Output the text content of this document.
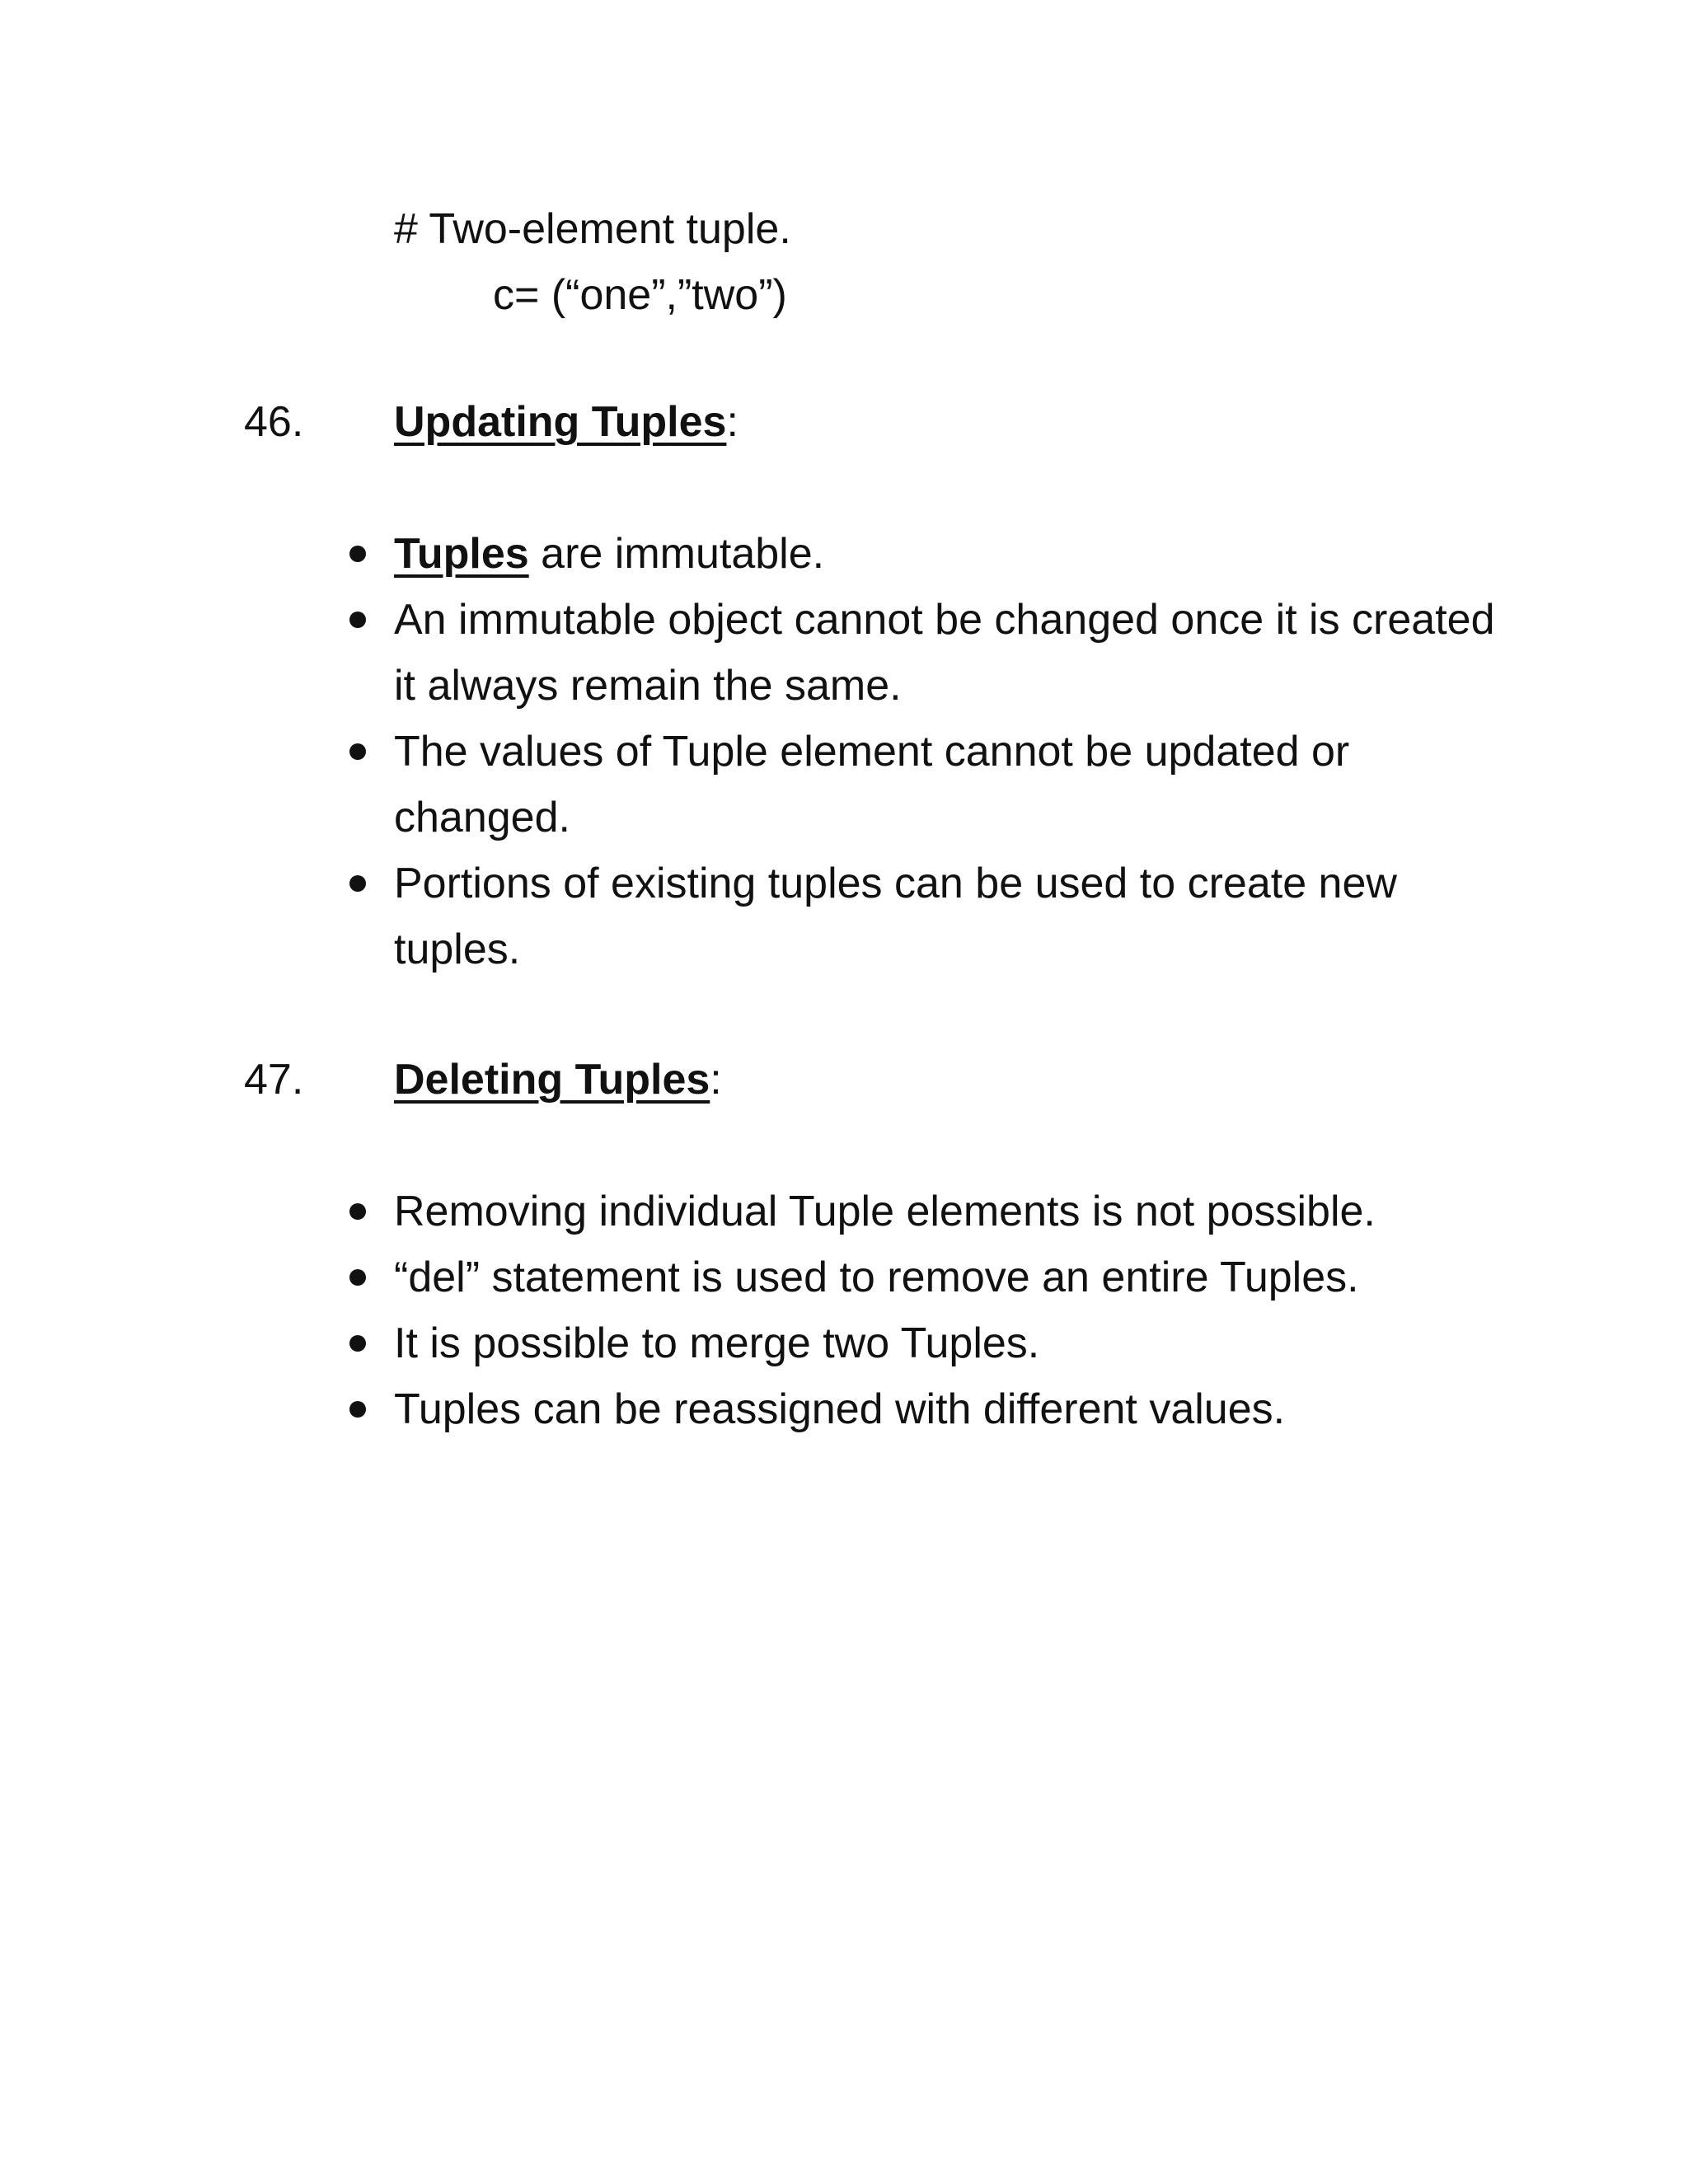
# Two-element tuple.
c= (“one”,”two”)
46. Updating Tuples:
Tuples are immutable.
An immutable object cannot be changed once it is created it always remain the same.
The values of Tuple element cannot be updated or changed.
Portions of existing tuples can be used to create new tuples.
47. Deleting Tuples:
Removing individual Tuple elements is not possible.
“del” statement is used to remove an entire Tuples.
It is possible to merge two Tuples.
Tuples can be reassigned with different values.
